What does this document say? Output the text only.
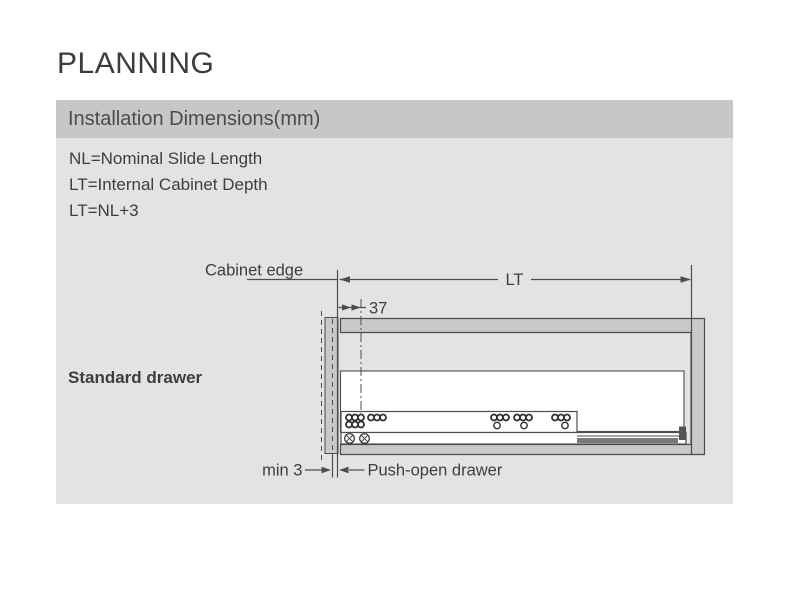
PLANNING
Installation Dimensions(mm)
NL=Nominal Slide Length
LT=Internal Cabinet Depth
LT=NL+3
Standard drawer
Cabinet edge
LT
37
min 3	Push-open drawer
